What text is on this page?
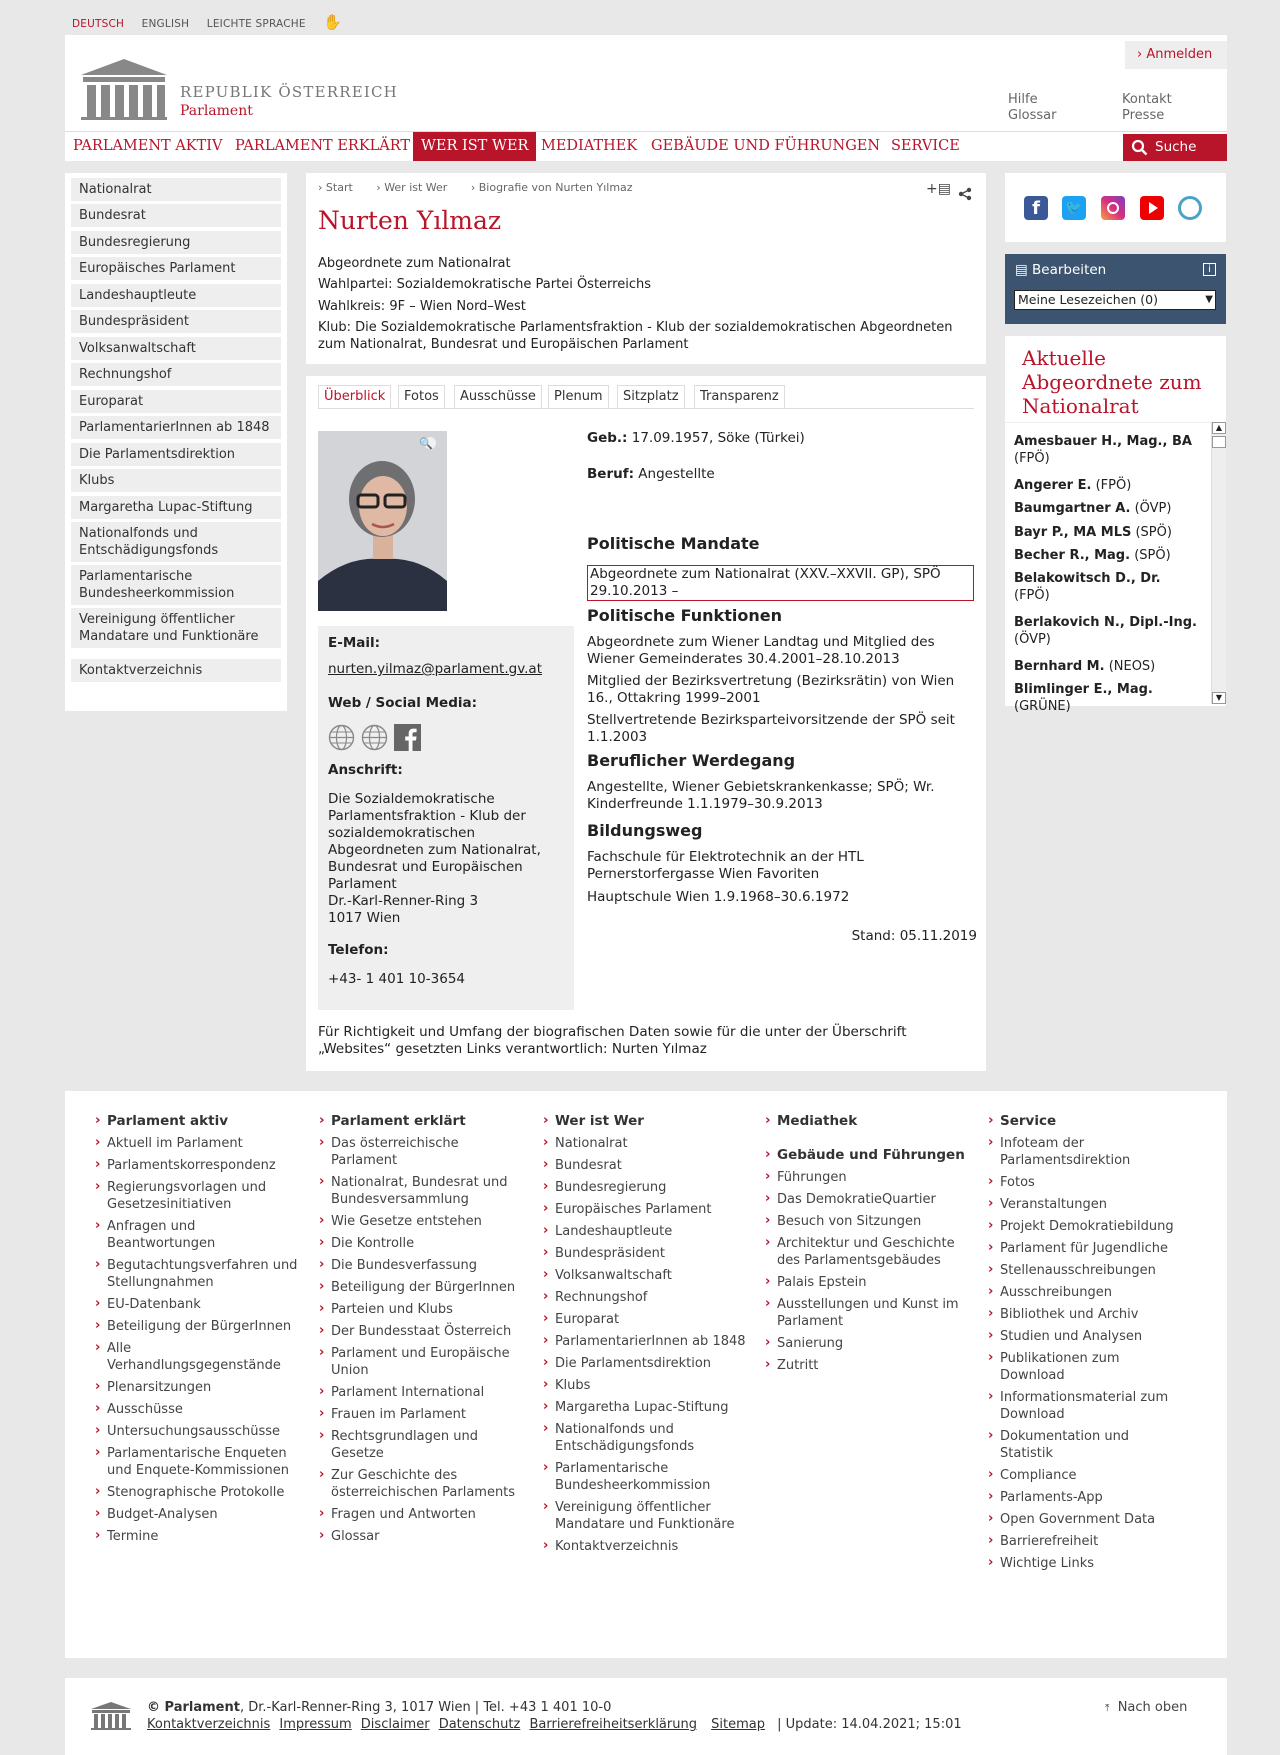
DEUTSCH ENGLISH LEICHTE SPRACHE ✋
REPUBLIK ÖSTERREICH
Parlament
› Anmelden
Hilfe
Glossar
Kontakt
Presse
PARLAMENT AKTIV PARLAMENT ERKLÄRT WER IST WER MEDIATHEK GEBÄUDE UND FÜHRUNGEN SERVICE	Suche
Nationalrat
Bundesrat
Bundesregierung
Europäisches Parlament
Landeshauptleute
Bundespräsident
Volksanwaltschaft
Rechnungshof
Europarat
ParlamentarierInnen ab 1848
Die Parlamentsdirektion
Klubs
Margaretha Lupac-Stiftung
Nationalfonds und Entschädigungsfonds
Parlamentarische Bundesheerkommission
Vereinigung öffentlicher Mandatare und Funktionäre
Kontaktverzeichnis
› Start › Wer ist Wer › Biografie von Nurten Yılmaz	+▤
Nurten Yılmaz
Abgeordnete zum Nationalrat
Wahlpartei: Sozialdemokratische Partei Österreichs
Wahlkreis: 9F – Wien Nord–West
Klub: Die Sozialdemokratische Parlamentsfraktion - Klub der sozialdemokratischen Abgeordneten zum Nationalrat, Bundesrat und Europäischen Parlament
Überblick	Fotos	Ausschüsse	Plenum	Sitzplatz	Transparenz
🔍
E-Mail:
nurten.yilmaz@parlament.gv.at
Web / Social Media:
Anschrift:
Die Sozialdemokratische Parlamentsfraktion - Klub der sozialdemokratischen Abgeordneten zum Nationalrat, Bundesrat und Europäischen Parlament
Dr.-Karl-Renner-Ring 3
1017 Wien
Telefon:
+43- 1 401 10-3654
Geb.: 17.09.1957, Söke (Türkei)
Beruf: Angestellte
Politische Mandate
Abgeordnete zum Nationalrat (XXV.–XXVII. GP), SPÖ 29.10.2013 –
Politische Funktionen
Abgeordnete zum Wiener Landtag und Mitglied des Wiener Gemeinderates 30.4.2001–28.10.2013
Mitglied der Bezirksvertretung (Bezirksrätin) von Wien 16., Ottakring 1999–2001
Stellvertretende Bezirksparteivorsitzende der SPÖ seit 1.1.2003
Beruflicher Werdegang
Angestellte, Wiener Gebietskrankenkasse; SPÖ; Wr. Kinderfreunde 1.1.1979–30.9.2013
Bildungsweg
Fachschule für Elektrotechnik an der HTL Pernerstorfergasse Wien Favoriten
Hauptschule Wien 1.9.1968–30.6.1972
Stand: 05.11.2019
Für Richtigkeit und Umfang der biografischen Daten sowie für die unter der Überschrift „Websites“ gesetzten Links verantwortlich: Nurten Yılmaz
f	🐦
▤ Bearbeiten	i
Meine Lesezeichen (0)	▼
Aktuelle Abgeordnete zum Nationalrat
Amesbauer H., Mag., BA (FPÖ)
Angerer E. (FPÖ)
Baumgartner A. (ÖVP)
Bayr P., MA MLS (SPÖ)
Becher R., Mag. (SPÖ)
Belakowitsch D., Dr. (FPÖ)
Berlakovich N., Dipl.-Ing. (ÖVP)
Bernhard M. (NEOS)
Blimlinger E., Mag. (GRÜNE)
▲
▼
› Parlament aktiv
› Aktuell im Parlament
› Parlamentskorrespondenz
› Regierungsvorlagen und Gesetzesinitiativen
› Anfragen und Beantwortungen
› Begutachtungsverfahren und Stellungnahmen
› EU-Datenbank
› Beteiligung der BürgerInnen
› Alle Verhandlungsgegenstände
› Plenarsitzungen
› Ausschüsse
› Untersuchungsausschüsse
› Parlamentarische Enqueten und Enquete-Kommissionen
› Stenographische Protokolle
› Budget-Analysen
› Termine
› Parlament erklärt
› Das österreichische Parlament
› Nationalrat, Bundesrat und Bundesversammlung
› Wie Gesetze entstehen
› Die Kontrolle
› Die Bundesverfassung
› Beteiligung der BürgerInnen
› Parteien und Klubs
› Der Bundesstaat Österreich
› Parlament und Europäische Union
› Parlament International
› Frauen im Parlament
› Rechtsgrundlagen und Gesetze
› Zur Geschichte des österreichischen Parlaments
› Fragen und Antworten
› Glossar
› Wer ist Wer
› Nationalrat
› Bundesrat
› Bundesregierung
› Europäisches Parlament
› Landeshauptleute
› Bundespräsident
› Volksanwaltschaft
› Rechnungshof
› Europarat
› ParlamentarierInnen ab 1848
› Die Parlamentsdirektion
› Klubs
› Margaretha Lupac-Stiftung
› Nationalfonds und Entschädigungsfonds
› Parlamentarische Bundesheerkommission
› Vereinigung öffentlicher Mandatare und Funktionäre
› Kontaktverzeichnis
› Mediathek
› Gebäude und Führungen
› Führungen
› Das DemokratieQuartier
› Besuch von Sitzungen
› Architektur und Geschichte des Parlamentsgebäudes
› Palais Epstein
› Ausstellungen und Kunst im Parlament
› Sanierung
› Zutritt
› Service
› Infoteam der Parlamentsdirektion
› Fotos
› Veranstaltungen
› Projekt Demokratiebildung
› Parlament für Jugendliche
› Stellenausschreibungen
› Ausschreibungen
› Bibliothek und Archiv
› Studien und Analysen
› Publikationen zum Download
› Informationsmaterial zum Download
› Dokumentation und Statistik
› Compliance
› Parlaments-App
› Open Government Data
› Barrierefreiheit
› Wichtige Links
© Parlament, Dr.-Karl-Renner-Ring 3, 1017 Wien | Tel. +43 1 401 10-0
Kontaktverzeichnis Impressum Disclaimer Datenschutz Barrierefreiheitserklärung Sitemap | Update: 14.04.2021; 15:01
⤒ Nach oben
